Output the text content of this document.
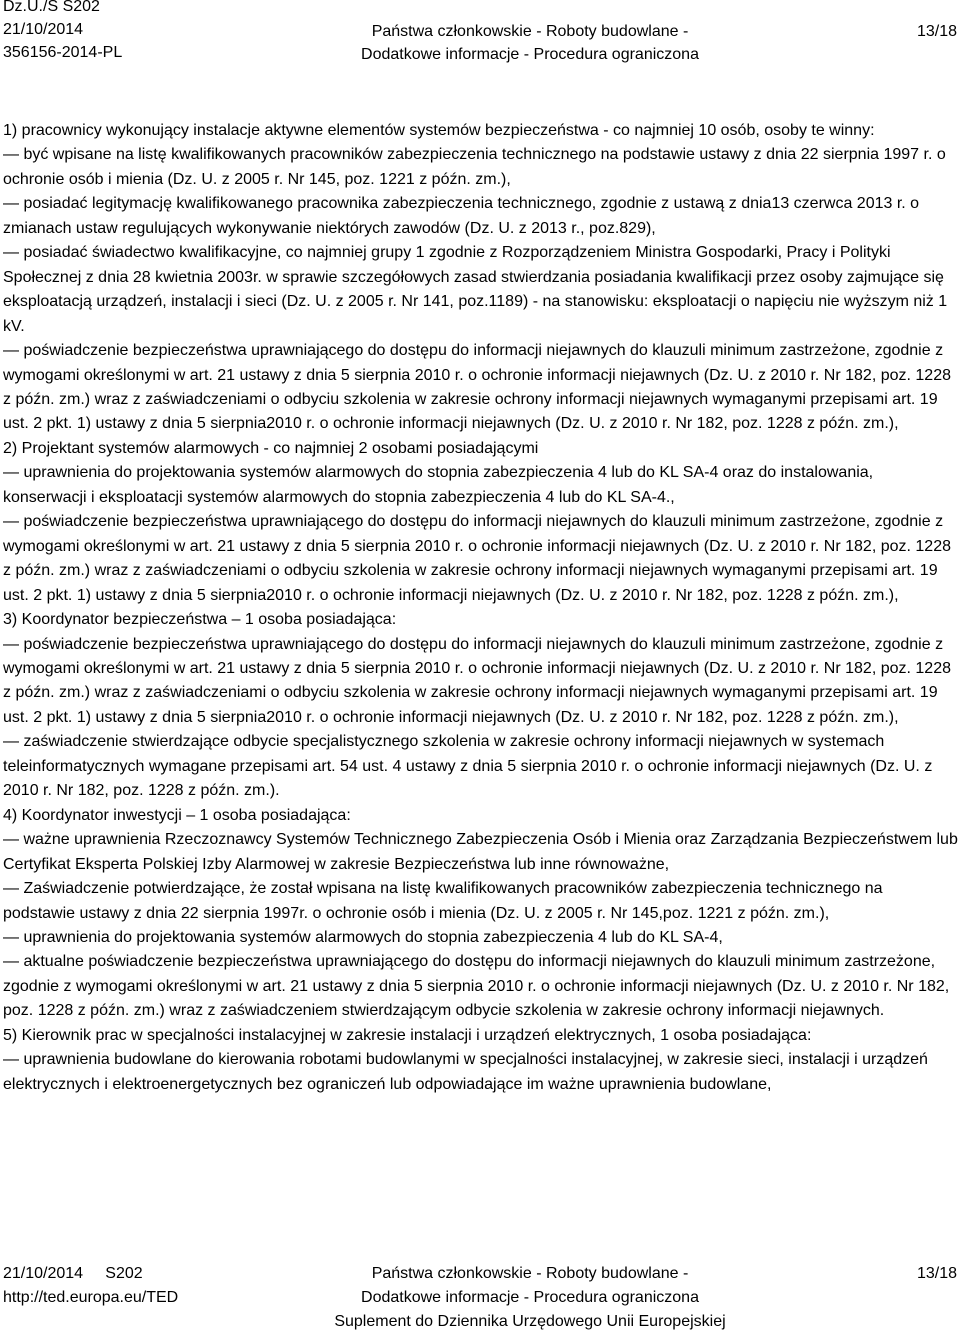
Dz.U./S S202
21/10/2014
356156-2014-PL
Państwa członkowskie - Roboty budowlane -
Dodatkowe informacje - Procedura ograniczona
13/18

1) pracownicy wykonujący instalacje aktywne elementów systemów bezpieczeństwa - co najmniej 10 osób, osoby te winny:

— być wpisane na listę kwalifikowanych pracowników zabezpieczenia technicznego na podstawie ustawy z dnia 22 sierpnia 1997 r. o ochronie osób i mienia (Dz. U. z 2005 r. Nr 145, poz. 1221 z późn. zm.),

— posiadać legitymację kwalifikowanego pracownika zabezpieczenia technicznego, zgodnie z ustawą z dnia13 czerwca 2013 r. o zmianach ustaw regulujących wykonywanie niektórych zawodów (Dz. U. z 2013 r., poz.829),

— posiadać świadectwo kwalifikacyjne, co najmniej grupy 1 zgodnie z Rozporządzeniem Ministra Gospodarki, Pracy i Polityki Społecznej z dnia 28 kwietnia 2003r. w sprawie szczegółowych zasad stwierdzania posiadania kwalifikacji przez osoby zajmujące się eksploatacją urządzeń, instalacji i sieci (Dz. U. z 2005 r. Nr 141, poz.1189) - na stanowisku: eksploatacji o napięciu nie wyższym niż 1 kV.

— poświadczenie bezpieczeństwa uprawniającego do dostępu do informacji niejawnych do klauzuli minimum zastrzeżone, zgodnie z wymogami określonymi w art. 21 ustawy z dnia 5 sierpnia 2010 r. o ochronie informacji niejawnych (Dz. U. z 2010 r. Nr 182, poz. 1228 z późn. zm.) wraz z zaświadczeniami o odbyciu szkolenia w zakresie ochrony informacji niejawnych wymaganymi przepisami art. 19 ust. 2 pkt. 1) ustawy z dnia 5 sierpnia2010 r. o ochronie informacji niejawnych (Dz. U. z 2010 r. Nr 182, poz. 1228 z późn. zm.),

2) Projektant systemów alarmowych - co najmniej 2 osobami posiadającymi

— uprawnienia do projektowania systemów alarmowych do stopnia zabezpieczenia 4 lub do KL SA-4 oraz do instalowania, konserwacji i eksploatacji systemów alarmowych do stopnia zabezpieczenia 4 lub do KL SA-4.,

— poświadczenie bezpieczeństwa uprawniającego do dostępu do informacji niejawnych do klauzuli minimum zastrzeżone, zgodnie z wymogami określonymi w art. 21 ustawy z dnia 5 sierpnia 2010 r. o ochronie informacji niejawnych (Dz. U. z 2010 r. Nr 182, poz. 1228 z późn. zm.) wraz z zaświadczeniami o odbyciu szkolenia w zakresie ochrony informacji niejawnych wymaganymi przepisami art. 19 ust. 2 pkt. 1) ustawy z dnia 5 sierpnia2010 r. o ochronie informacji niejawnych (Dz. U. z 2010 r. Nr 182, poz. 1228 z późn. zm.),

3) Koordynator bezpieczeństwa – 1 osoba posiadająca:

— poświadczenie bezpieczeństwa uprawniającego do dostępu do informacji niejawnych do klauzuli minimum zastrzeżone, zgodnie z wymogami określonymi w art. 21 ustawy z dnia 5 sierpnia 2010 r. o ochronie informacji niejawnych (Dz. U. z 2010 r. Nr 182, poz. 1228 z późn. zm.) wraz z zaświadczeniami o odbyciu szkolenia w zakresie ochrony informacji niejawnych wymaganymi przepisami art. 19 ust. 2 pkt. 1) ustawy z dnia 5 sierpnia2010 r. o ochronie informacji niejawnych (Dz. U. z 2010 r. Nr 182, poz. 1228 z późn. zm.),

— zaświadczenie stwierdzające odbycie specjalistycznego szkolenia w zakresie ochrony informacji niejawnych w systemach teleinformatycznych wymagane przepisami art. 54 ust. 4 ustawy z dnia 5 sierpnia 2010 r. o ochronie informacji niejawnych (Dz. U. z 2010 r. Nr 182, poz. 1228 z późn. zm.).

4) Koordynator inwestycji – 1 osoba posiadająca:

— ważne uprawnienia Rzeczoznawcy Systemów Technicznego Zabezpieczenia Osób i Mienia oraz Zarządzania Bezpieczeństwem lub Certyfikat Eksperta Polskiej Izby Alarmowej w zakresie Bezpieczeństwa lub inne równoważne,

— Zaświadczenie potwierdzające, że został wpisana na listę kwalifikowanych pracowników zabezpieczenia technicznego na podstawie ustawy z dnia 22 sierpnia 1997r. o ochronie osób i mienia (Dz. U. z 2005 r. Nr 145,poz. 1221 z późn. zm.),

— uprawnienia do projektowania systemów alarmowych do stopnia zabezpieczenia 4 lub do KL SA-4,

— aktualne poświadczenie bezpieczeństwa uprawniającego do dostępu do informacji niejawnych do klauzuli minimum zastrzeżone, zgodnie z wymogami określonymi w art. 21 ustawy z dnia 5 sierpnia 2010 r. o ochronie informacji niejawnych (Dz. U. z 2010 r. Nr 182, poz. 1228 z późn. zm.) wraz z zaświadczeniem stwierdzającym odbycie szkolenia w zakresie ochrony informacji niejawnych.

5) Kierownik prac w specjalności instalacyjnej w zakresie instalacji i urządzeń elektrycznych, 1 osoba posiadająca:

— uprawnienia budowlane do kierowania robotami budowlanymi w specjalności instalacyjnej, w zakresie sieci, instalacji i urządzeń elektrycznych i elektroenergetycznych bez ograniczeń lub odpowiadające im ważne uprawnienia budowlane,

21/10/2014     S202
http://ted.europa.eu/TED
Państwa członkowskie - Roboty budowlane -
Dodatkowe informacje - Procedura ograniczona
Suplement do Dziennika Urzędowego Unii Europejskiej
13/18
